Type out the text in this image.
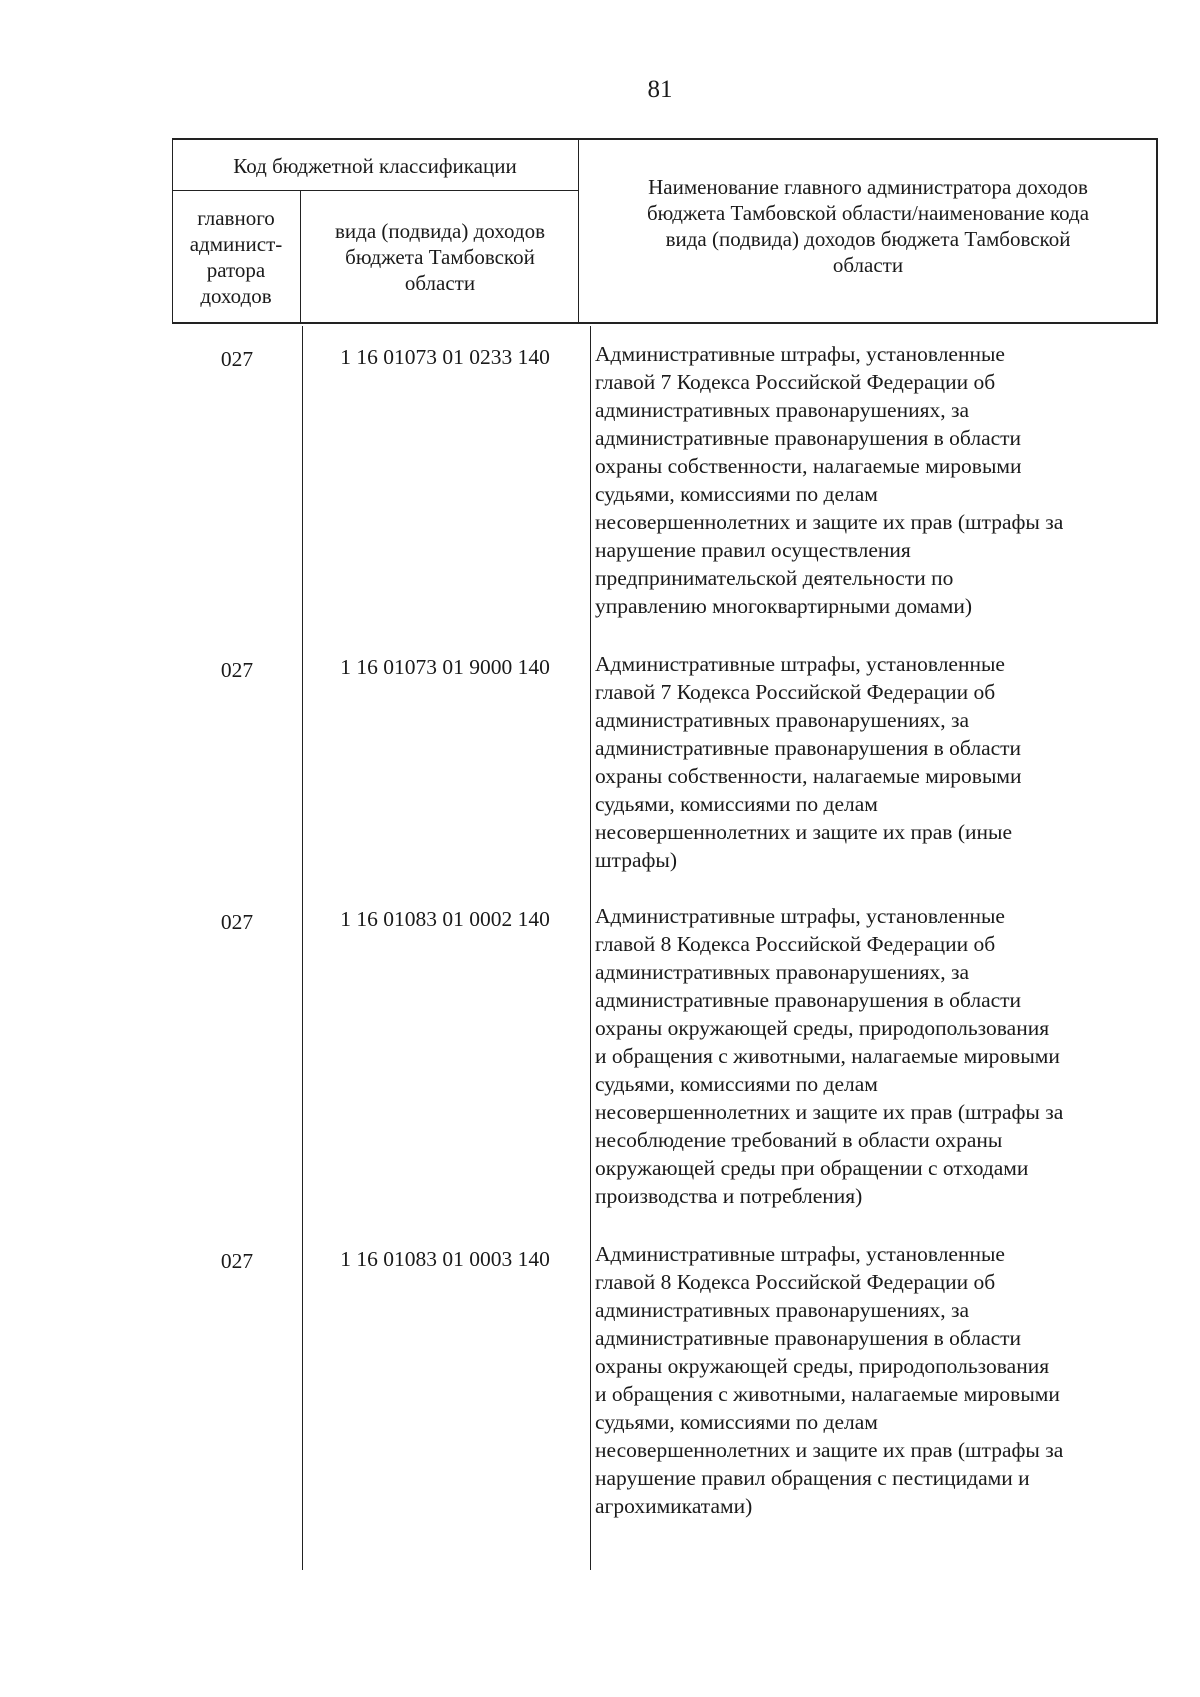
81
Код бюджетной классификации
главного
админист-
ратора
доходов
вида (подвида) доходов
бюджета Тамбовской
области
Наименование главного администратора доходов
бюджета Тамбовской области/наименование кода
вида (подвида) доходов бюджета Тамбовской
области
027	1 16 01073 01 0233 140	Административные штрафы, установленные
главой 7 Кодекса Российской Федерации об
административных правонарушениях, за
административные правонарушения в области
охраны собственности, налагаемые мировыми
судьями, комиссиями по делам
несовершеннолетних и защите их прав (штрафы за
нарушение правил осуществления
предпринимательской деятельности по
управлению многоквартирными домами)
027	1 16 01073 01 9000 140	Административные штрафы, установленные
главой 7 Кодекса Российской Федерации об
административных правонарушениях, за
административные правонарушения в области
охраны собственности, налагаемые мировыми
судьями, комиссиями по делам
несовершеннолетних и защите их прав (иные
штрафы)
027	1 16 01083 01 0002 140	Административные штрафы, установленные
главой 8 Кодекса Российской Федерации об
административных правонарушениях, за
административные правонарушения в области
охраны окружающей среды, природопользования
и обращения с животными, налагаемые мировыми
судьями, комиссиями по делам
несовершеннолетних и защите их прав (штрафы за
несоблюдение требований в области охраны
окружающей среды при обращении с отходами
производства и потребления)
027	1 16 01083 01 0003 140	Административные штрафы, установленные
главой 8 Кодекса Российской Федерации об
административных правонарушениях, за
административные правонарушения в области
охраны окружающей среды, природопользования
и обращения с животными, налагаемые мировыми
судьями, комиссиями по делам
несовершеннолетних и защите их прав (штрафы за
нарушение правил обращения с пестицидами и
агрохимикатами)
